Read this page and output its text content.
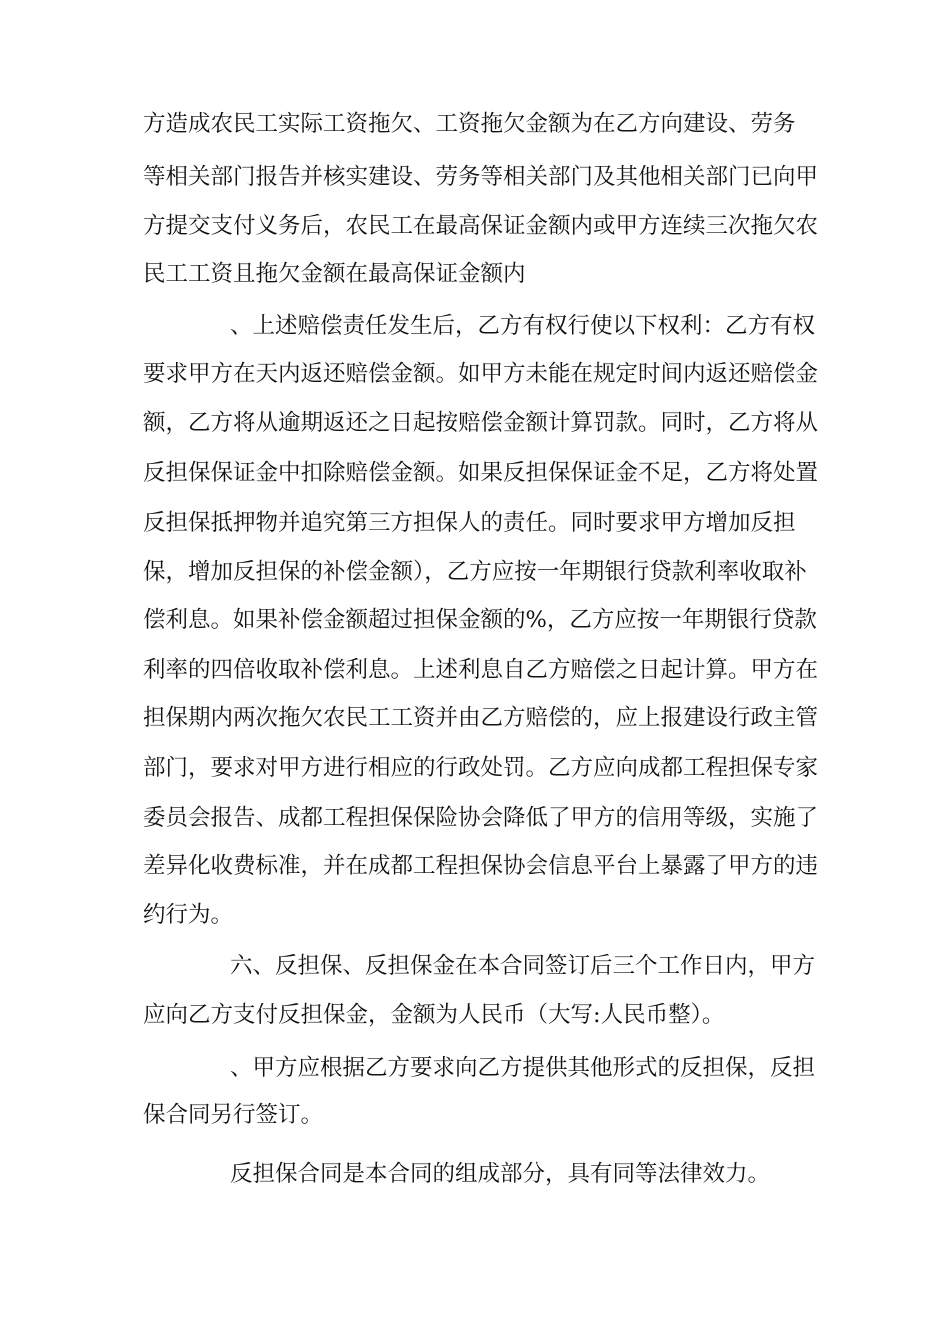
方造成农民工实际工资拖欠、工资拖欠金额为在乙方向建设、劳务
等相关部门报告并核实建设、劳务等相关部门及其他相关部门已向甲
方提交支付义务后，农民工在最高保证金额内或甲方连续三次拖欠农
民工工资且拖欠金额在最高保证金额内
、上述赔偿责任发生后，乙方有权行使以下权利：乙方有权
要求甲方在天内返还赔偿金额。如甲方未能在规定时间内返还赔偿金
额，乙方将从逾期返还之日起按赔偿金额计算罚款。同时，乙方将从
反担保保证金中扣除赔偿金额。如果反担保保证金不足，乙方将处置
反担保抵押物并追究第三方担保人的责任。同时要求甲方增加反担
保，增加反担保的补偿金额），乙方应按一年期银行贷款利率收取补
偿利息。如果补偿金额超过担保金额的%，乙方应按一年期银行贷款
利率的四倍收取补偿利息。上述利息自乙方赔偿之日起计算。甲方在
担保期内两次拖欠农民工工资并由乙方赔偿的，应上报建设行政主管
部门，要求对甲方进行相应的行政处罚。乙方应向成都工程担保专家
委员会报告、成都工程担保保险协会降低了甲方的信用等级，实施了
差异化收费标准，并在成都工程担保协会信息平台上暴露了甲方的违
约行为。
六、反担保、反担保金在本合同签订后三个工作日内，甲方
应向乙方支付反担保金，金额为人民币（大写:人民币整）。
、甲方应根据乙方要求向乙方提供其他形式的反担保，反担
保合同另行签订。
反担保合同是本合同的组成部分，具有同等法律效力。
